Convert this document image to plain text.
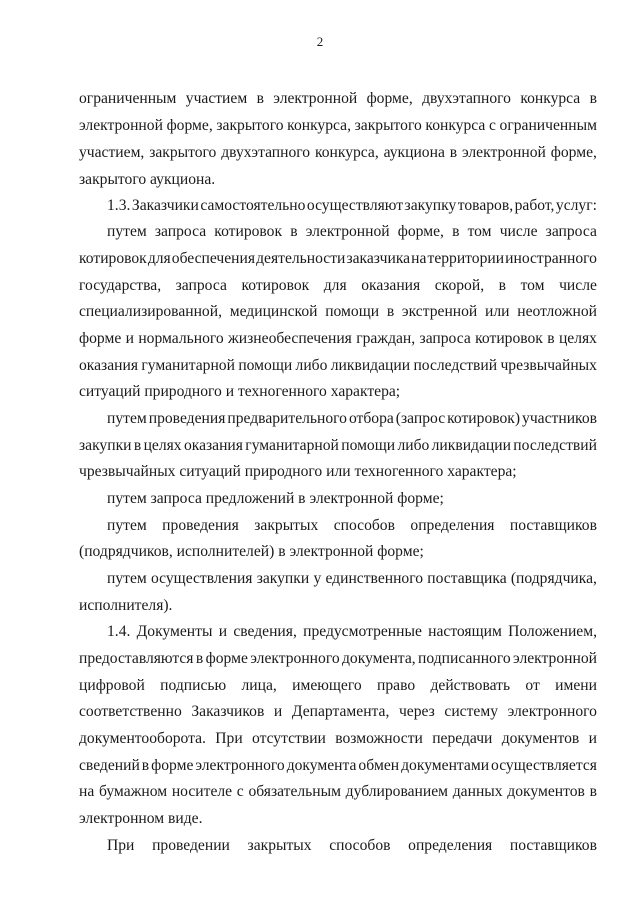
2
ограниченным участием в электронной форме, двухэтапного конкурса в
электронной форме, закрытого конкурса, закрытого конкурса с ограниченным
участием, закрытого двухэтапного конкурса, аукциона в электронной форме,
закрытого аукциона.
1.3. Заказчики самостоятельно осуществляют закупку товаров, работ, услуг:
путем запроса котировок в электронной форме, в том числе запроса
котировок для обеспечения деятельности заказчика на территории иностранного
государства, запроса котировок для оказания скорой, в том числе
специализированной, медицинской помощи в экстренной или неотложной
форме и нормального жизнеобеспечения граждан, запроса котировок в целях
оказания гуманитарной помощи либо ликвидации последствий чрезвычайных
ситуаций природного и техногенного характера;
путем проведения предварительного отбора (запрос котировок) участников
закупки в целях оказания гуманитарной помощи либо ликвидации последствий
чрезвычайных ситуаций природного или техногенного характера;
путем запроса предложений в электронной форме;
путем проведения закрытых способов определения поставщиков
(подрядчиков, исполнителей) в электронной форме;
путем осуществления закупки у единственного поставщика (подрядчика,
исполнителя).
1.4. Документы и сведения, предусмотренные настоящим Положением,
предоставляются в форме электронного документа, подписанного электронной
цифровой подписью лица, имеющего право действовать от имени
соответственно Заказчиков и Департамента, через систему электронного
документооборота. При отсутствии возможности передачи документов и
сведений в форме электронного документа обмен документами осуществляется
на бумажном носителе с обязательным дублированием данных документов в
электронном виде.
При проведении закрытых способов определения поставщиков
